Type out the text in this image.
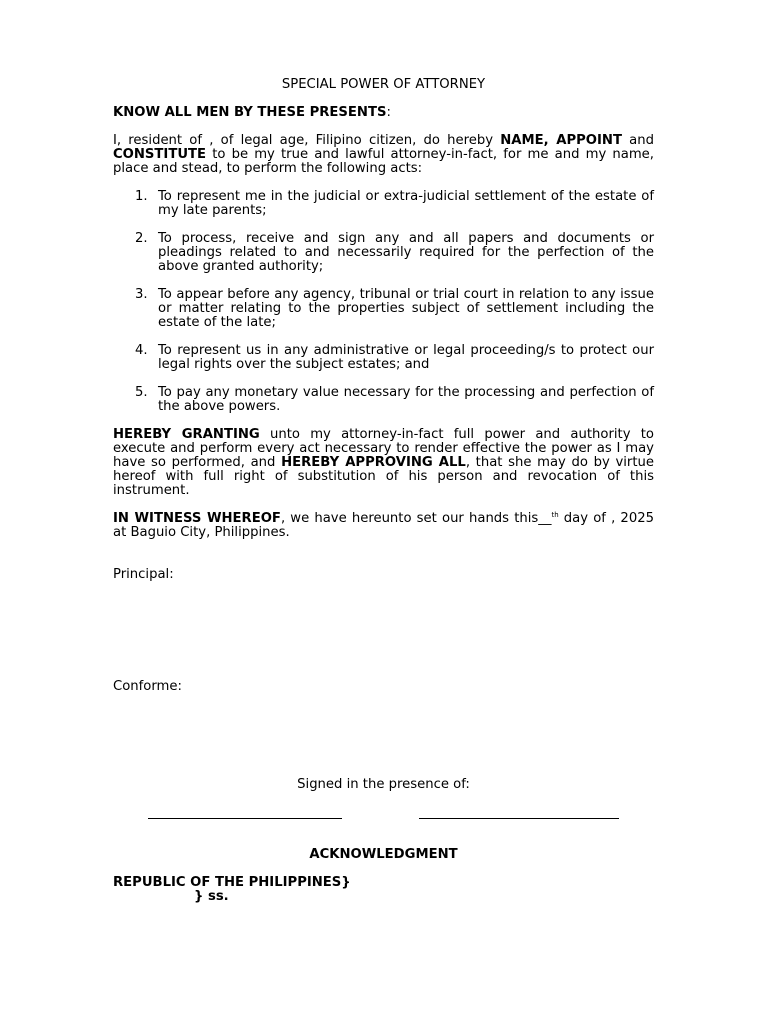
SPECIAL POWER OF ATTORNEY
KNOW ALL MEN BY THESE PRESENTS:
I, resident of , of legal age, Filipino citizen, do hereby NAME, APPOINT and CONSTITUTE to be my true and lawful attorney-in-fact, for me and my name, place and stead, to perform the following acts:
1. To represent me in the judicial or extra-judicial settlement of the estate of my late parents;
2. To process, receive and sign any and all papers and documents or pleadings related to and necessarily required for the perfection of the above granted authority;
3. To appear before any agency, tribunal or trial court in relation to any issue or matter relating to the properties subject of settlement including the estate of the late;
4. To represent us in any administrative or legal proceeding/s to protect our legal rights over the subject estates; and
5. To pay any monetary value necessary for the processing and perfection of the above powers.
HEREBY GRANTING unto my attorney-in-fact full power and authority to execute and perform every act necessary to render effective the power as I may have so performed, and HEREBY APPROVING ALL, that she may do by virtue hereof with full right of substitution of his person and revocation of this instrument.
IN WITNESS WHEREOF, we have hereunto set our hands this__$^{th}$ day of , 2025 at Baguio City, Philippines.
Principal:
Conforme:
Signed in the presence of:
ACKNOWLEDGMENT
REPUBLIC OF THE PHILIPPINES}
} ss.
